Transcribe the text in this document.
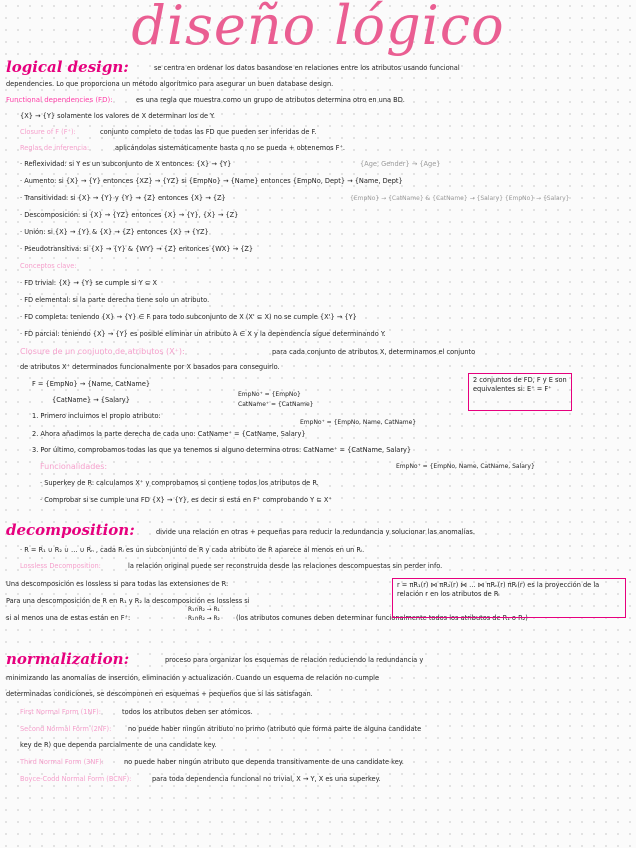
diseño lógico
logical design:	se centra en ordenar los datos basandose en relaciones entre los atributos usando funcional
dependencies. Lo que proporciona un método algorítmico para asegurar un buen database design.
Functional dependencies (FD):	es una regla que muestra como un grupo de atributos determina otro en una BD.
{X} → {Y} solamente los valores de X determinan los de Y.
Closure of F (F⁺):	conjunto completo de todas las FD que pueden ser inferidas de F.
Reglas de inferencia:	aplicándolas sistemáticamente hasta q no se pueda + obtenemos F⁺.
· Reflexividad: si Y es un subconjunto de X entonces: {X} → {Y}	{Age, Gender} → {Age}
· Aumento: si {X} → {Y} entonces {XZ} → {YZ} si {EmpNo} → {Name} entonces {EmpNo, Dept} → {Name, Dept}
· Transitividad: si {X} → {Y} y {Y} → {Z} entonces {X} → {Z}	{EmpNo} → {CatName} & {CatName} → {Salary} {EmpNo} → {Salary}
· Descomposición: si {X} → {YZ} entonces {X} → {Y}, {X} → {Z}
· Unión: si {X} → {Y} & {X} → {Z} entonces {X} → {YZ}
· Pseudotransitiva: si {X} → {Y} & {WY} → {Z} entonces {WX} → {Z}
Conceptos clave:
· FD trivial: {X} → {Y} se cumple si Y ⊆ X
· FD elemental: si la parte derecha tiene solo un atributo.
· FD completa: teniendo {X} → {Y} ∈ F para todo subconjunto de X (X' ⊆ X) no se cumple {X'} → {Y}
· FD parcial: teniendo {X} → {Y} es posible eliminar un atributo A ∈ X y la dependencia sigue determinando Y.
Closure de un conjunto de atributos (X⁺):	para cada conjunto de atributos X, determinamos el conjunto
de atributos X⁺ determinados funcionalmente por X basados para conseguirlo.
F = {EmpNo} → {Name, CatName}
{CatName} → {Salary}
EmpNo⁺ = {EmpNo}
CatName⁺ = {CatName}
2 conjuntos de FD, F y E son equivalentes si: E⁺ = F⁺
1. Primero incluimos el propio atributo:
EmpNo⁺ = {EmpNo, Name, CatName}
2. Ahora añadimos la parte derecha de cada uno: CatName⁺ = {CatName, Salary}
3. Por último, comprobamos todas las que ya tenemos si alguno determina otros: CatName⁺ = {CatName, Salary}
EmpNo⁺ = {EmpNo, Name, CatName, Salary}
Funcionalidades:
· Superkey de R: calculamos X⁺ y comprobamos si contiene todos los atributos de R.
· Comprobar si se cumple una FD {X} → {Y}, es decir si está en F⁺ comprobando Y ⊆ X⁺
decomposition:	divide una relación en otras + pequeñas para reducir la redundancia y solucionar las anomalías.
· R = R₁ ∪ R₂ ∪ … ∪ Rₙ , cada Rᵢ es un subconjunto de R y cada atributo de R aparece al menos en un Rᵢ.
Lossless Decomposition:	la relación original puede ser reconstruida desde las relaciones descompuestas sin perder info.
Una descomposición es lossless si para todas las extensiones de R:
Para una descomposición de R en R₁ y R₂ la descomposición es lossless si
si al menos una de estas están en F⁺:
R₁∩R₂ → R₁
R₁∩R₂ → R₂ (los atributos comunes deben determinar funcionalmente todos los atributos de R₁ o R₂)
r = πR₁(r) ⋈ πR₂(r) ⋈ … ⋈ πRₙ(r) πRᵢ(r) es la proyección de la relación r en los atributos de Rᵢ
normalization:	proceso para organizar los esquemas de relación reduciendo la redundancia y
minimizando las anomalías de inserción, eliminación y actualización. Cuando un esquema de relación no cumple
determinadas condiciones, se descomponen en esquemas + pequeños que sí las satisfagan.
First Normal Form (1NF):	todos los atributos deben ser atómicos.
Second Normal Form (2NF):	no puede haber ningún atributo no primo (atributo que forma parte de alguna candidate
key de R) que dependa parcialmente de una candidate key.
Third Normal Form (3NF):	no puede haber ningún atributo que dependa transitivamente de una candidate key.
Boyce-Codd Normal Form (BCNF):	para toda dependencia funcional no trivial, X → Y, X es una superkey.
